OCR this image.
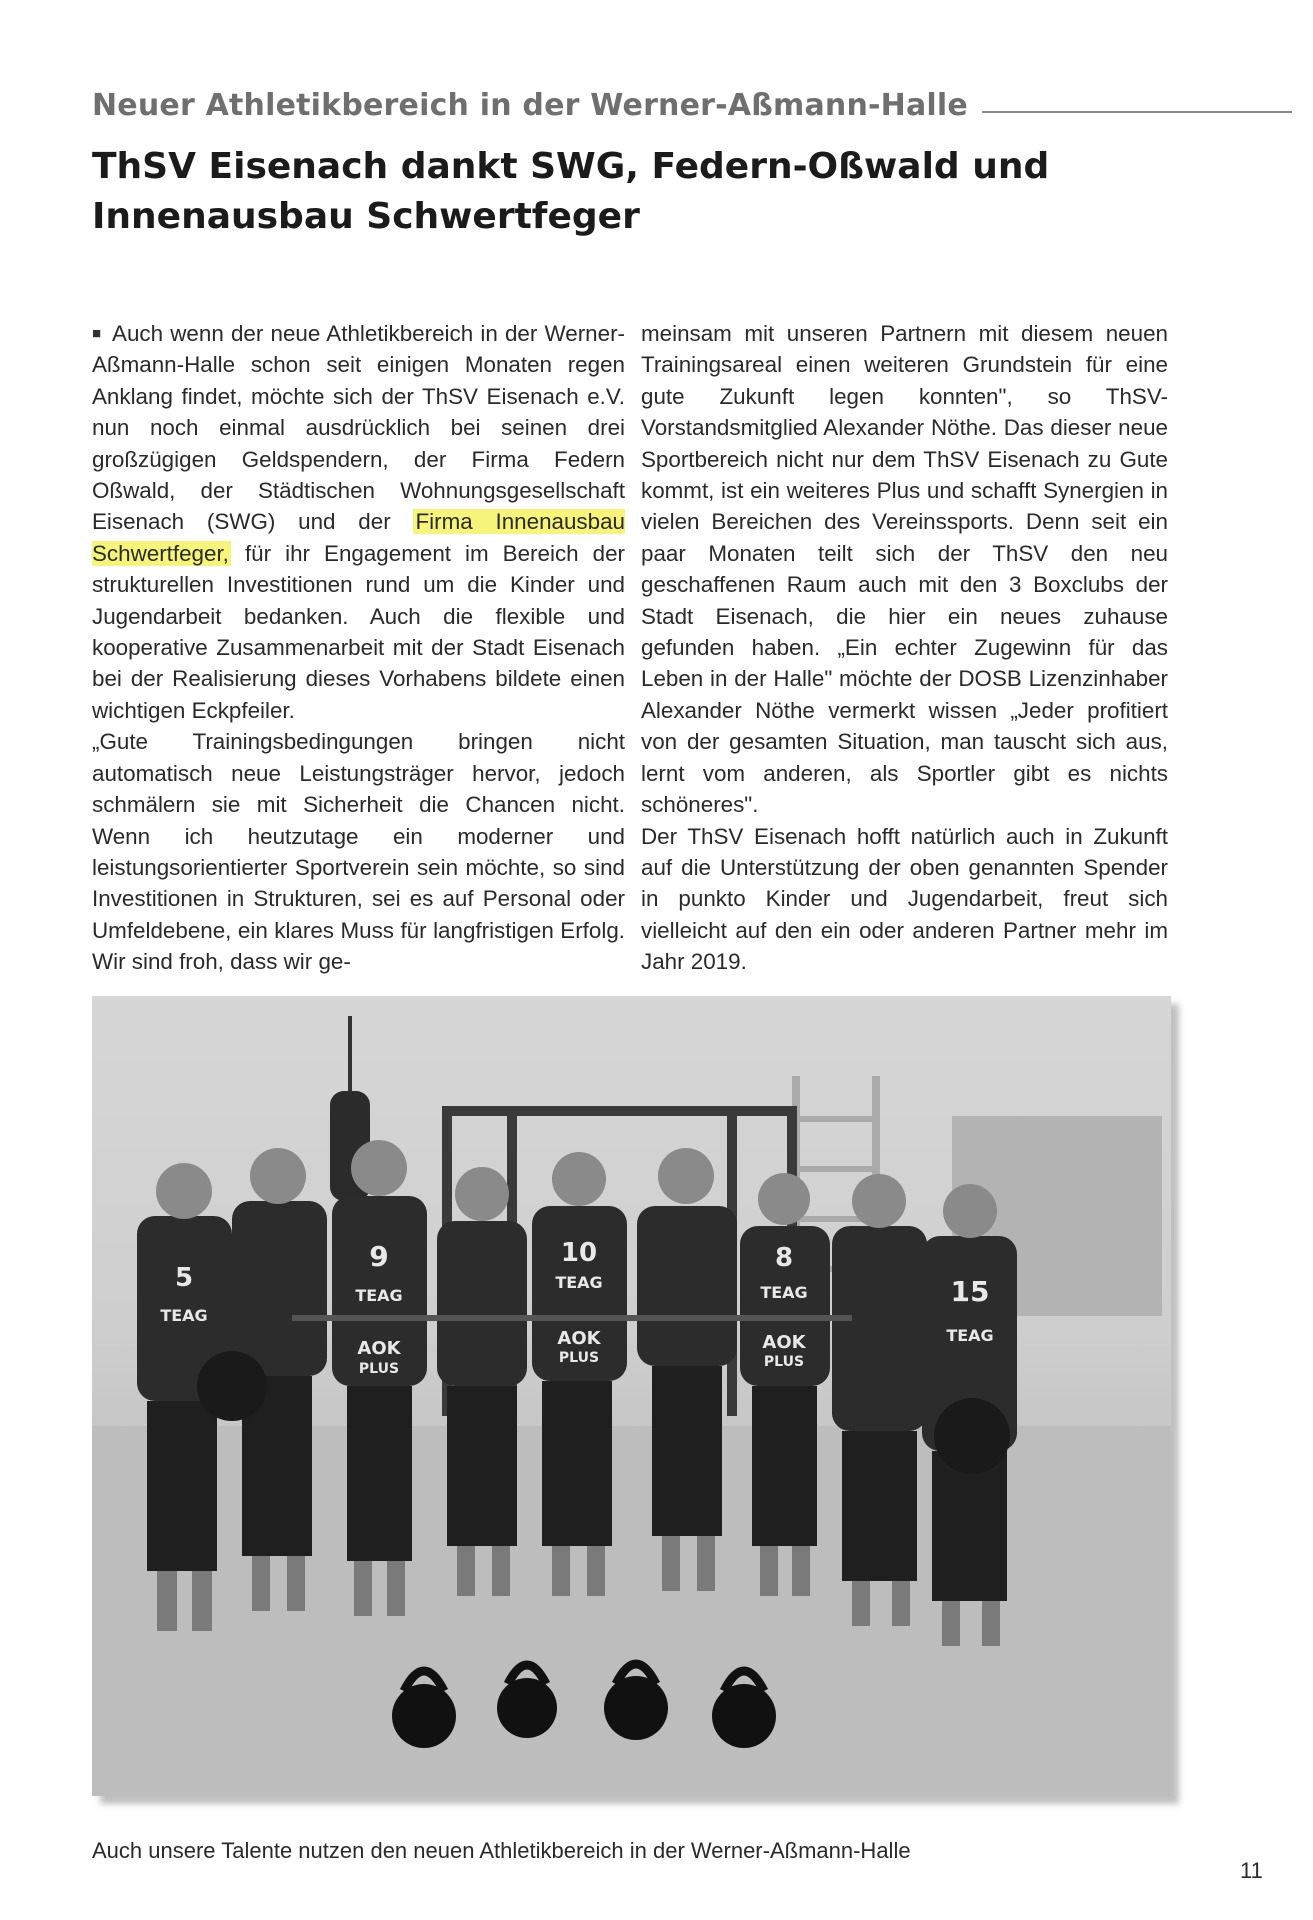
Neuer Athletikbereich in der Werner-Aßmann-Halle
ThSV Eisenach dankt SWG, Federn-Oßwald und
Innenausbau Schwertfeger

■ Auch wenn der neue Athletikbereich in der Werner-Aßmann-Halle schon seit einigen Monaten regen Anklang findet, möchte sich der ThSV Eisenach e.V. nun noch einmal ausdrücklich bei seinen drei großzügigen Geldspendern, der Firma Federn Oßwald, der Städtischen Wohnungsgesellschaft Eisenach (SWG) und der Firma Innenausbau Schwertfeger, für ihr Engagement im Bereich der strukturellen Investitionen rund um die Kinder und Jugendarbeit bedanken. Auch die flexible und kooperative Zusammenarbeit mit der Stadt Eisenach bei der Realisierung dieses Vorhabens bildete einen wichtigen Eckpfeiler.

„Gute Trainingsbedingungen bringen nicht automatisch neue Leistungsträger hervor, jedoch schmälern sie mit Sicherheit die Chancen nicht. Wenn ich heutzutage ein moderner und leistungsorientierter Sportverein sein möchte, so sind Investitionen in Strukturen, sei es auf Personal oder Umfeldebene, ein klares Muss für langfristigen Erfolg. Wir sind froh, dass wir ge-

meinsam mit unseren Partnern mit diesem neuen Trainingsareal einen weiteren Grundstein für eine gute Zukunft legen konnten", so ThSV-Vorstandsmitglied Alexander Nöthe. Das dieser neue Sportbereich nicht nur dem ThSV Eisenach zu Gute kommt, ist ein weiteres Plus und schafft Synergien in vielen Bereichen des Vereinssports. Denn seit ein paar Monaten teilt sich der ThSV den neu geschaffenen Raum auch mit den 3 Boxclubs der Stadt Eisenach, die hier ein neues zuhause gefunden haben. „Ein echter Zugewinn für das Leben in der Halle" möchte der DOSB Lizenzinhaber Alexander Nöthe vermerkt wissen „Jeder profitiert von der gesamten Situation, man tauscht sich aus, lernt vom anderen, als Sportler gibt es nichts schöneres".

Der ThSV Eisenach hofft natürlich auch in Zukunft auf die Unterstützung der oben genannten Spender in punkto Kinder und Jugendarbeit, freut sich vielleicht auf den ein oder anderen Partner mehr im Jahr 2019.

5
9	10	8
15
TEAG
TEAG
TEAG
TEAG
TEAG
AOK
PLUS
AOK
PLUS
AOK
PLUS
Auch unsere Talente nutzen den neuen Athletikbereich in der Werner-Aßmann-Halle
11
